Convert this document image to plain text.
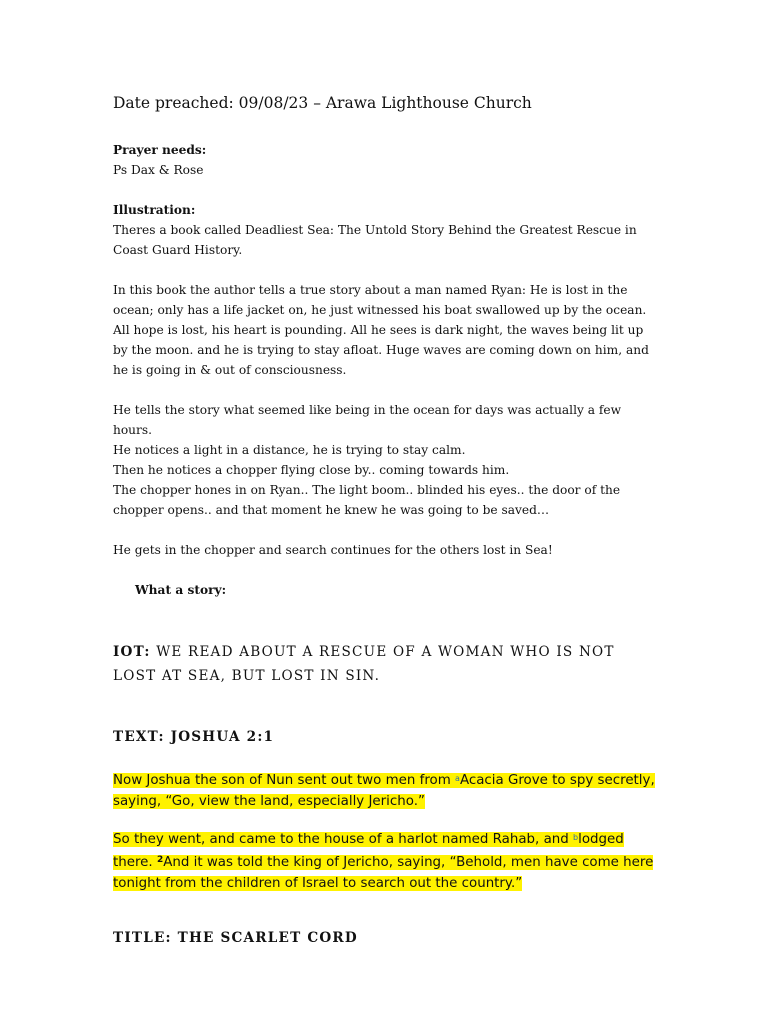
Date preached: 09/08/23 – Arawa Lighthouse Church

Prayer needs:

Ps Dax & Rose

Illustration:

Theres a book called Deadliest Sea: The Untold Story Behind the Greatest Rescue in Coast Guard History.

In this book the author tells a true story about a man named Ryan: He is lost in the ocean; only has a life jacket on, he just witnessed his boat swallowed up by the ocean.

All hope is lost, his heart is pounding. All he sees is dark night, the waves being lit up by the moon. and he is trying to stay afloat. Huge waves are coming down on him, and he is going in & out of consciousness.

He tells the story what seemed like being in the ocean for days was actually a few hours.

He notices a light in a distance, he is trying to stay calm.

Then he notices a chopper flying close by.. coming towards him.

The chopper hones in on Ryan.. The light boom.. blinded his eyes.. the door of the chopper opens.. and that moment he knew he was going to be saved…

He gets in the chopper and search continues for the others lost in Sea!

What a story:
IOT: WE READ ABOUT A RESCUE OF A WOMAN WHO IS NOT LOST AT SEA, BUT LOST IN SIN.
TEXT: JOSHUA 2:1

Now Joshua the son of Nun sent out two men from $^a$Acacia Grove to spy secretly, saying, “Go, view the land, especially Jericho.”

So they went, and came to the house of a harlot named Rahab, and $^b$lodged there. $^2$And it was told the king of Jericho, saying, “Behold, men have come here tonight from the children of Israel to search out the country.”

TITLE: THE SCARLET CORD
